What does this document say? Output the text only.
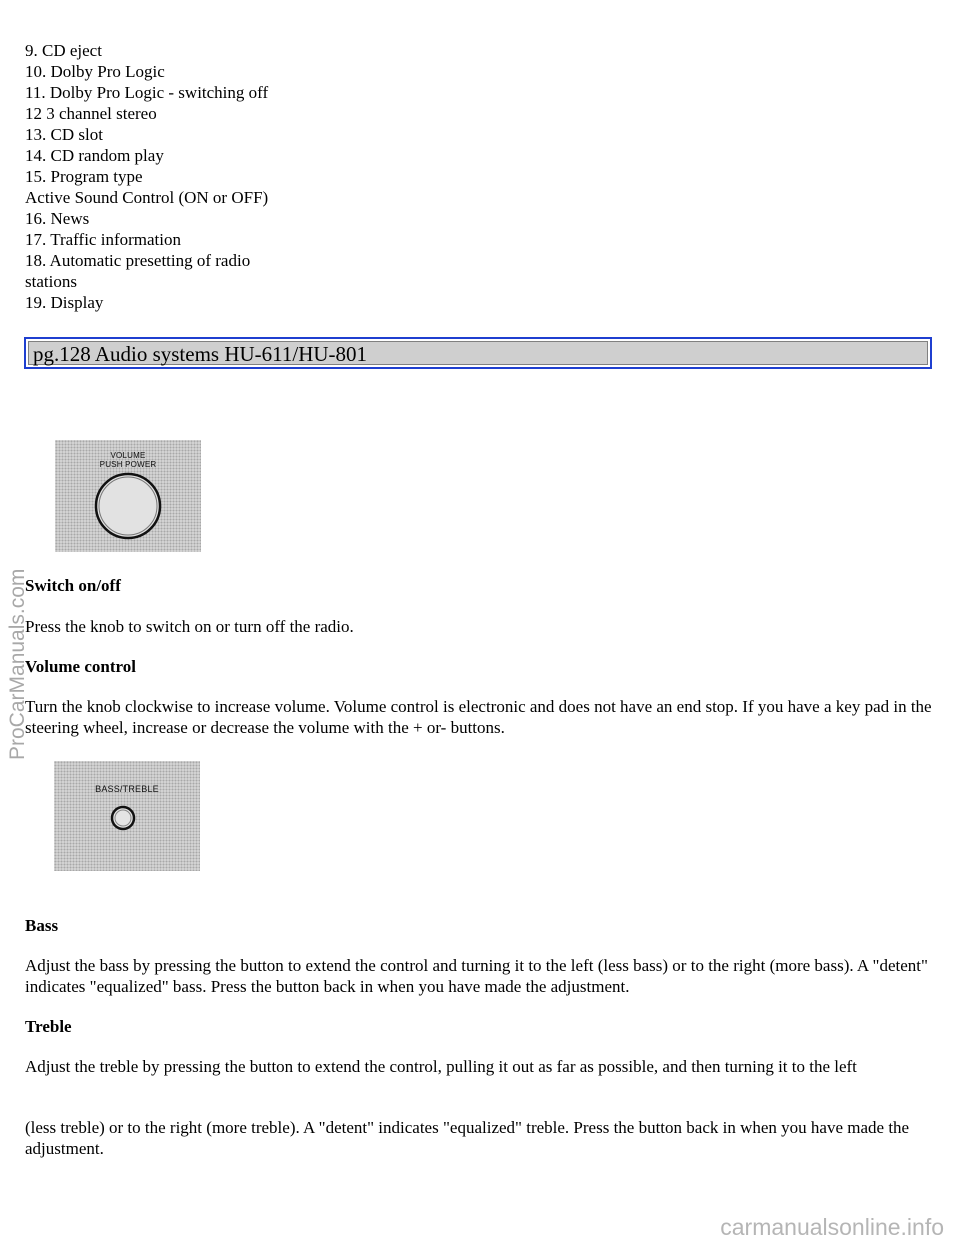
9. CD eject
10. Dolby Pro Logic
11. Dolby Pro Logic - switching off
12 3 channel stereo
13. CD slot
14. CD random play
15. Program type
Active Sound Control (ON or OFF)
16. News
17. Traffic information
18. Automatic presetting of radio
stations
19. Display
pg.128 Audio systems HU-611/HU-801
VOLUME
PUSH POWER
Switch on/off
Press the knob to switch on or turn off the radio.
Volume control
Turn the knob clockwise to increase volume. Volume control is electronic and does not have an end stop. If you have a key pad in the steering wheel, increase or decrease the volume with the + or- buttons.
BASS/TREBLE
Bass
Adjust the bass by pressing the button to extend the control and turning it to the left (less bass) or to the right (more bass). A "detent" indicates "equalized" bass. Press the button back in when you have made the adjustment.
Treble
Adjust the treble by pressing the button to extend the control, pulling it out as far as possible, and then turning it to the left
(less treble) or to the right (more treble). A "detent" indicates "equalized" treble. Press the button back in when you have made the adjustment.
ProCarManuals.com
carmanualsonline.info
